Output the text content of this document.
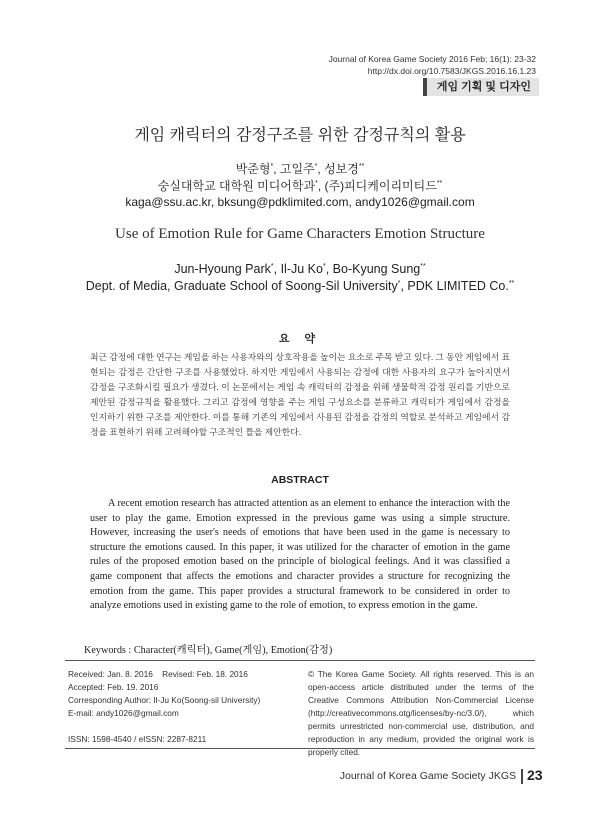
Journal of Korea Game Society 2016 Feb; 16(1): 23-32
http://dx.doi.org/10.7583/JKGS.2016.16.1.23
게임 기획 및 디자인
게임 캐릭터의 감정구조를 위한 감정규칙의 활용
박준형*, 고일주*, 성보경**
숭실대학교 대학원 미디어학과*, (주)피디케이리미티드**
kaga@ssu.ac.kr, bksung@pdklimited.com, andy1026@gmail.com
Use of Emotion Rule for Game Characters Emotion Structure
Jun-Hyoung Park*, Il-Ju Ko*, Bo-Kyung Sung**
Dept. of Media, Graduate School of Soong-Sil University*, PDK LIMITED Co.**
요 약
최근 감정에 대한 연구는 게임을 하는 사용자와의 상호작용을 높이는 요소로 주목 받고 있다. 그 동안 게임에서 표현되는 감정은 간단한 구조를 사용했었다. 하지만 게임에서 사용되는 감정에 대한 사용자의 요구가 높아지면서 감정을 구조화시킬 필요가 생겼다. 이 논문에서는 게임 속 캐릭터의 감정을 위해 생물학적 감정 원리를 기반으로 제안된 감정규칙을 활용했다. 그리고 감정에 영향을 주는 게임 구성요소를 분류하고 캐릭터가 게임에서 감정을 인지하기 위한 구조를 제안한다. 이를 통해 기존의 게임에서 사용된 감정을 감정의 역할로 분석하고 게임에서 감정을 표현하기 위해 고려해야할 구조적인 틀을 제안한다.
ABSTRACT
A recent emotion research has attracted attention as an element to enhance the interaction with the user to play the game. Emotion expressed in the previous game was using a simple structure. However, increasing the user's needs of emotions that have been used in the game is necessary to structure the emotions caused. In this paper, it was utilized for the character of emotion in the game rules of the proposed emotion based on the principle of biological feelings. And it was classified a game component that affects the emotions and character provides a structure for recognizing the emotion from the game. This paper provides a structural framework to be considered in order to analyze emotions used in existing game to the role of emotion, to express emotion in the game.
Keywords : Character(캐릭터), Game(게임), Emotion(감정)
Received: Jan. 8. 2016 Revised: Feb. 18. 2016
Accepted: Feb. 19. 2016
Corresponding Author: Il-Ju Ko(Soong-sil University)
E-mail: andy1026@gmail.com
ISSN: 1598-4540 / eISSN: 2287-8211
© The Korea Game Society. All rights reserved. This is an open-access article distributed under the terms of the Creative Commons Attribution Non-Commercial License (http://creativecommons.otg/licenses/by-nc/3.0/), which permits unrestricted non-commercial use, distribution, and reproduction in any medium, provided the original work is properly cited.
Journal of Korea Game Society JKGS 23
